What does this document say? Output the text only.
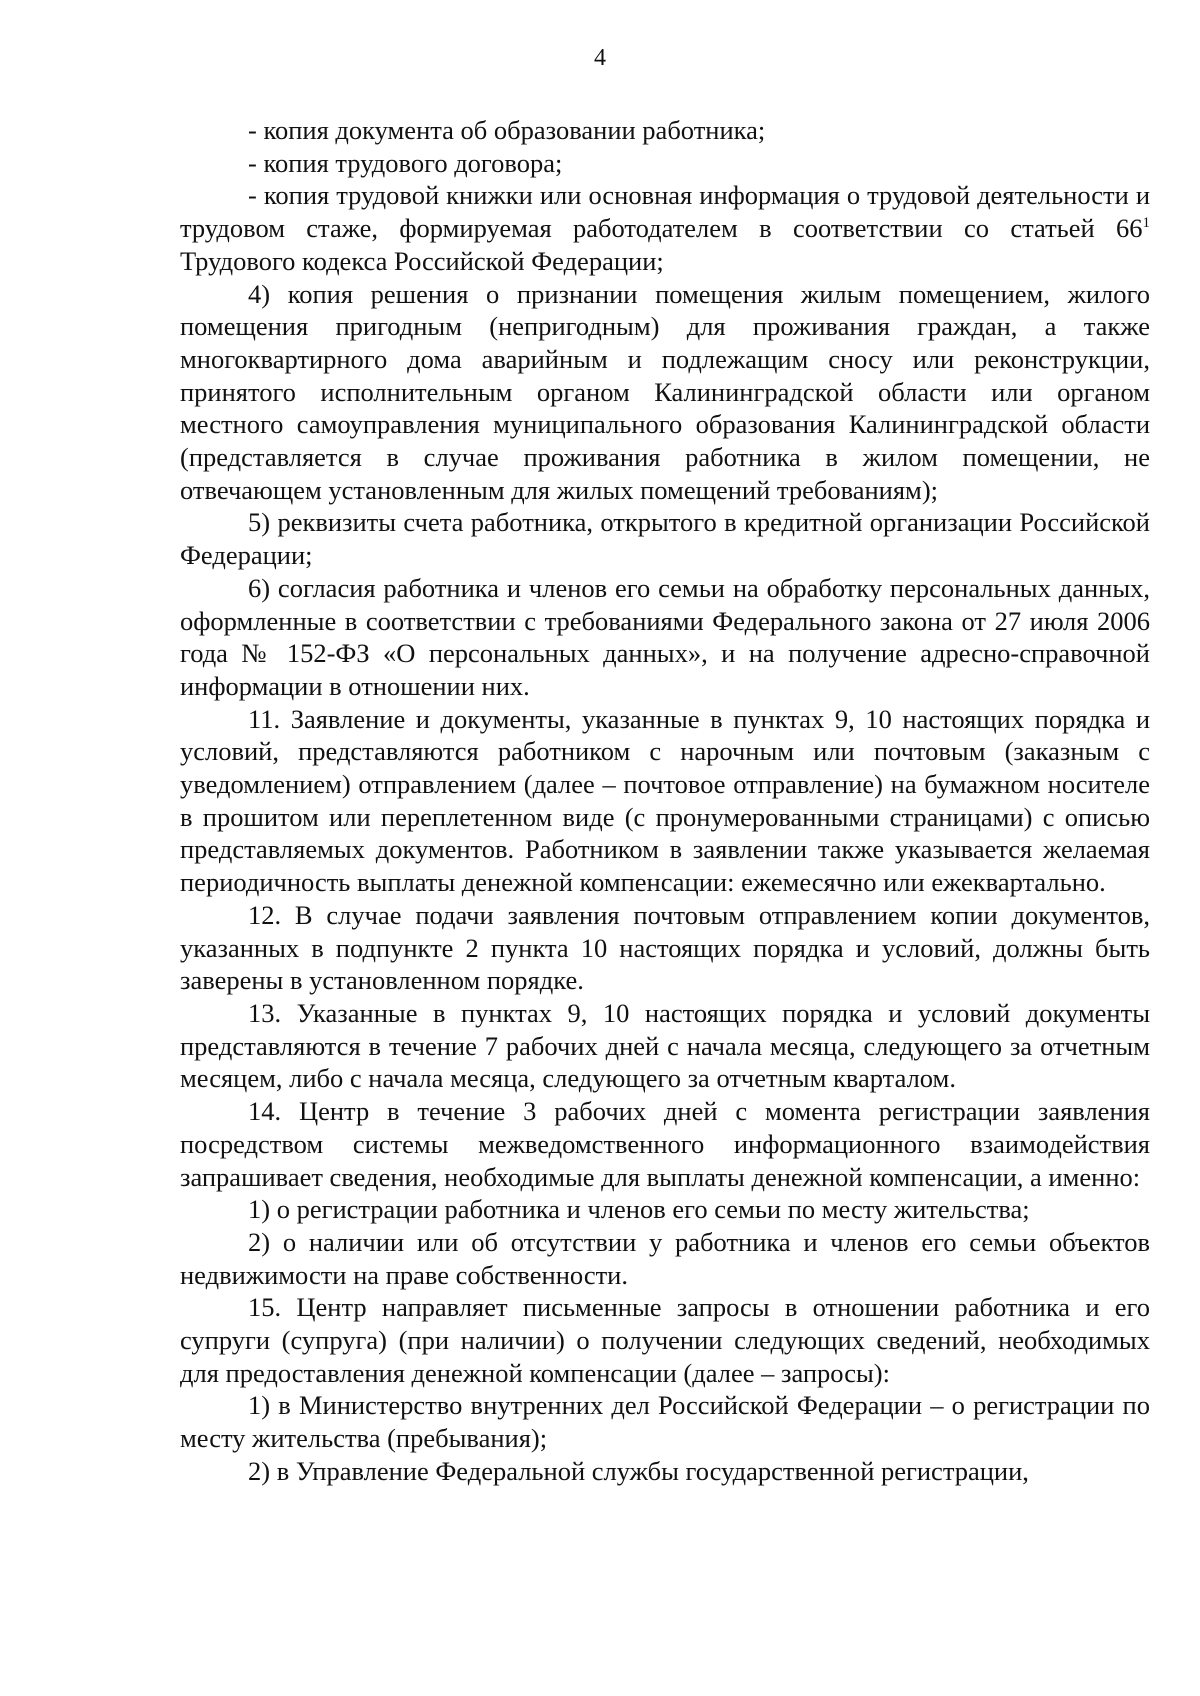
4

- копия документа об образовании работника;

- копия трудового договора;

- копия трудовой книжки или основная информация о трудовой деятельности и трудовом стаже, формируемая работодателем в соответствии со статьей $66^1$ Трудового кодекса Российской Федерации;

4) копия решения о признании помещения жилым помещением, жилого помещения пригодным (непригодным) для проживания граждан, а также многоквартирного дома аварийным и подлежащим сносу или реконструкции, принятого исполнительным органом Калининградской области или органом местного самоуправления муниципального образования Калининградской области (представляется в случае проживания работника в жилом помещении, не отвечающем установленным для жилых помещений требованиям);

5) реквизиты счета работника, открытого в кредитной организации Российской Федерации;

6) согласия работника и членов его семьи на обработку персональных данных, оформленные в соответствии с требованиями Федерального закона от 27 июля 2006 года № 152-ФЗ «О персональных данных», и на получение адресно-справочной информации в отношении них.

11. Заявление и документы, указанные в пунктах 9, 10 настоящих порядка и условий, представляются работником с нарочным или почтовым (заказным с уведомлением) отправлением (далее – почтовое отправление) на бумажном носителе в прошитом или переплетенном виде (с пронумерованными страницами) с описью представляемых документов. Работником в заявлении также указывается желаемая периодичность выплаты денежной компенсации: ежемесячно или ежеквартально.

12. В случае подачи заявления почтовым отправлением копии документов, указанных в подпункте 2 пункта 10 настоящих порядка и условий, должны быть заверены в установленном порядке.

13. Указанные в пунктах 9, 10 настоящих порядка и условий документы представляются в течение 7 рабочих дней с начала месяца, следующего за отчетным месяцем, либо с начала месяца, следующего за отчетным кварталом.

14. Центр в течение 3 рабочих дней с момента регистрации заявления посредством системы межведомственного информационного взаимодействия запрашивает сведения, необходимые для выплаты денежной компенсации, а именно:

1) о регистрации работника и членов его семьи по месту жительства;

2) о наличии или об отсутствии у работника и членов его семьи объектов недвижимости на праве собственности.

15. Центр направляет письменные запросы в отношении работника и его супруги (супруга) (при наличии) о получении следующих сведений, необходимых для предоставления денежной компенсации (далее – запросы):

1) в Министерство внутренних дел Российской Федерации – о регистрации по месту жительства (пребывания);

2) в Управление Федеральной службы государственной регистрации,
